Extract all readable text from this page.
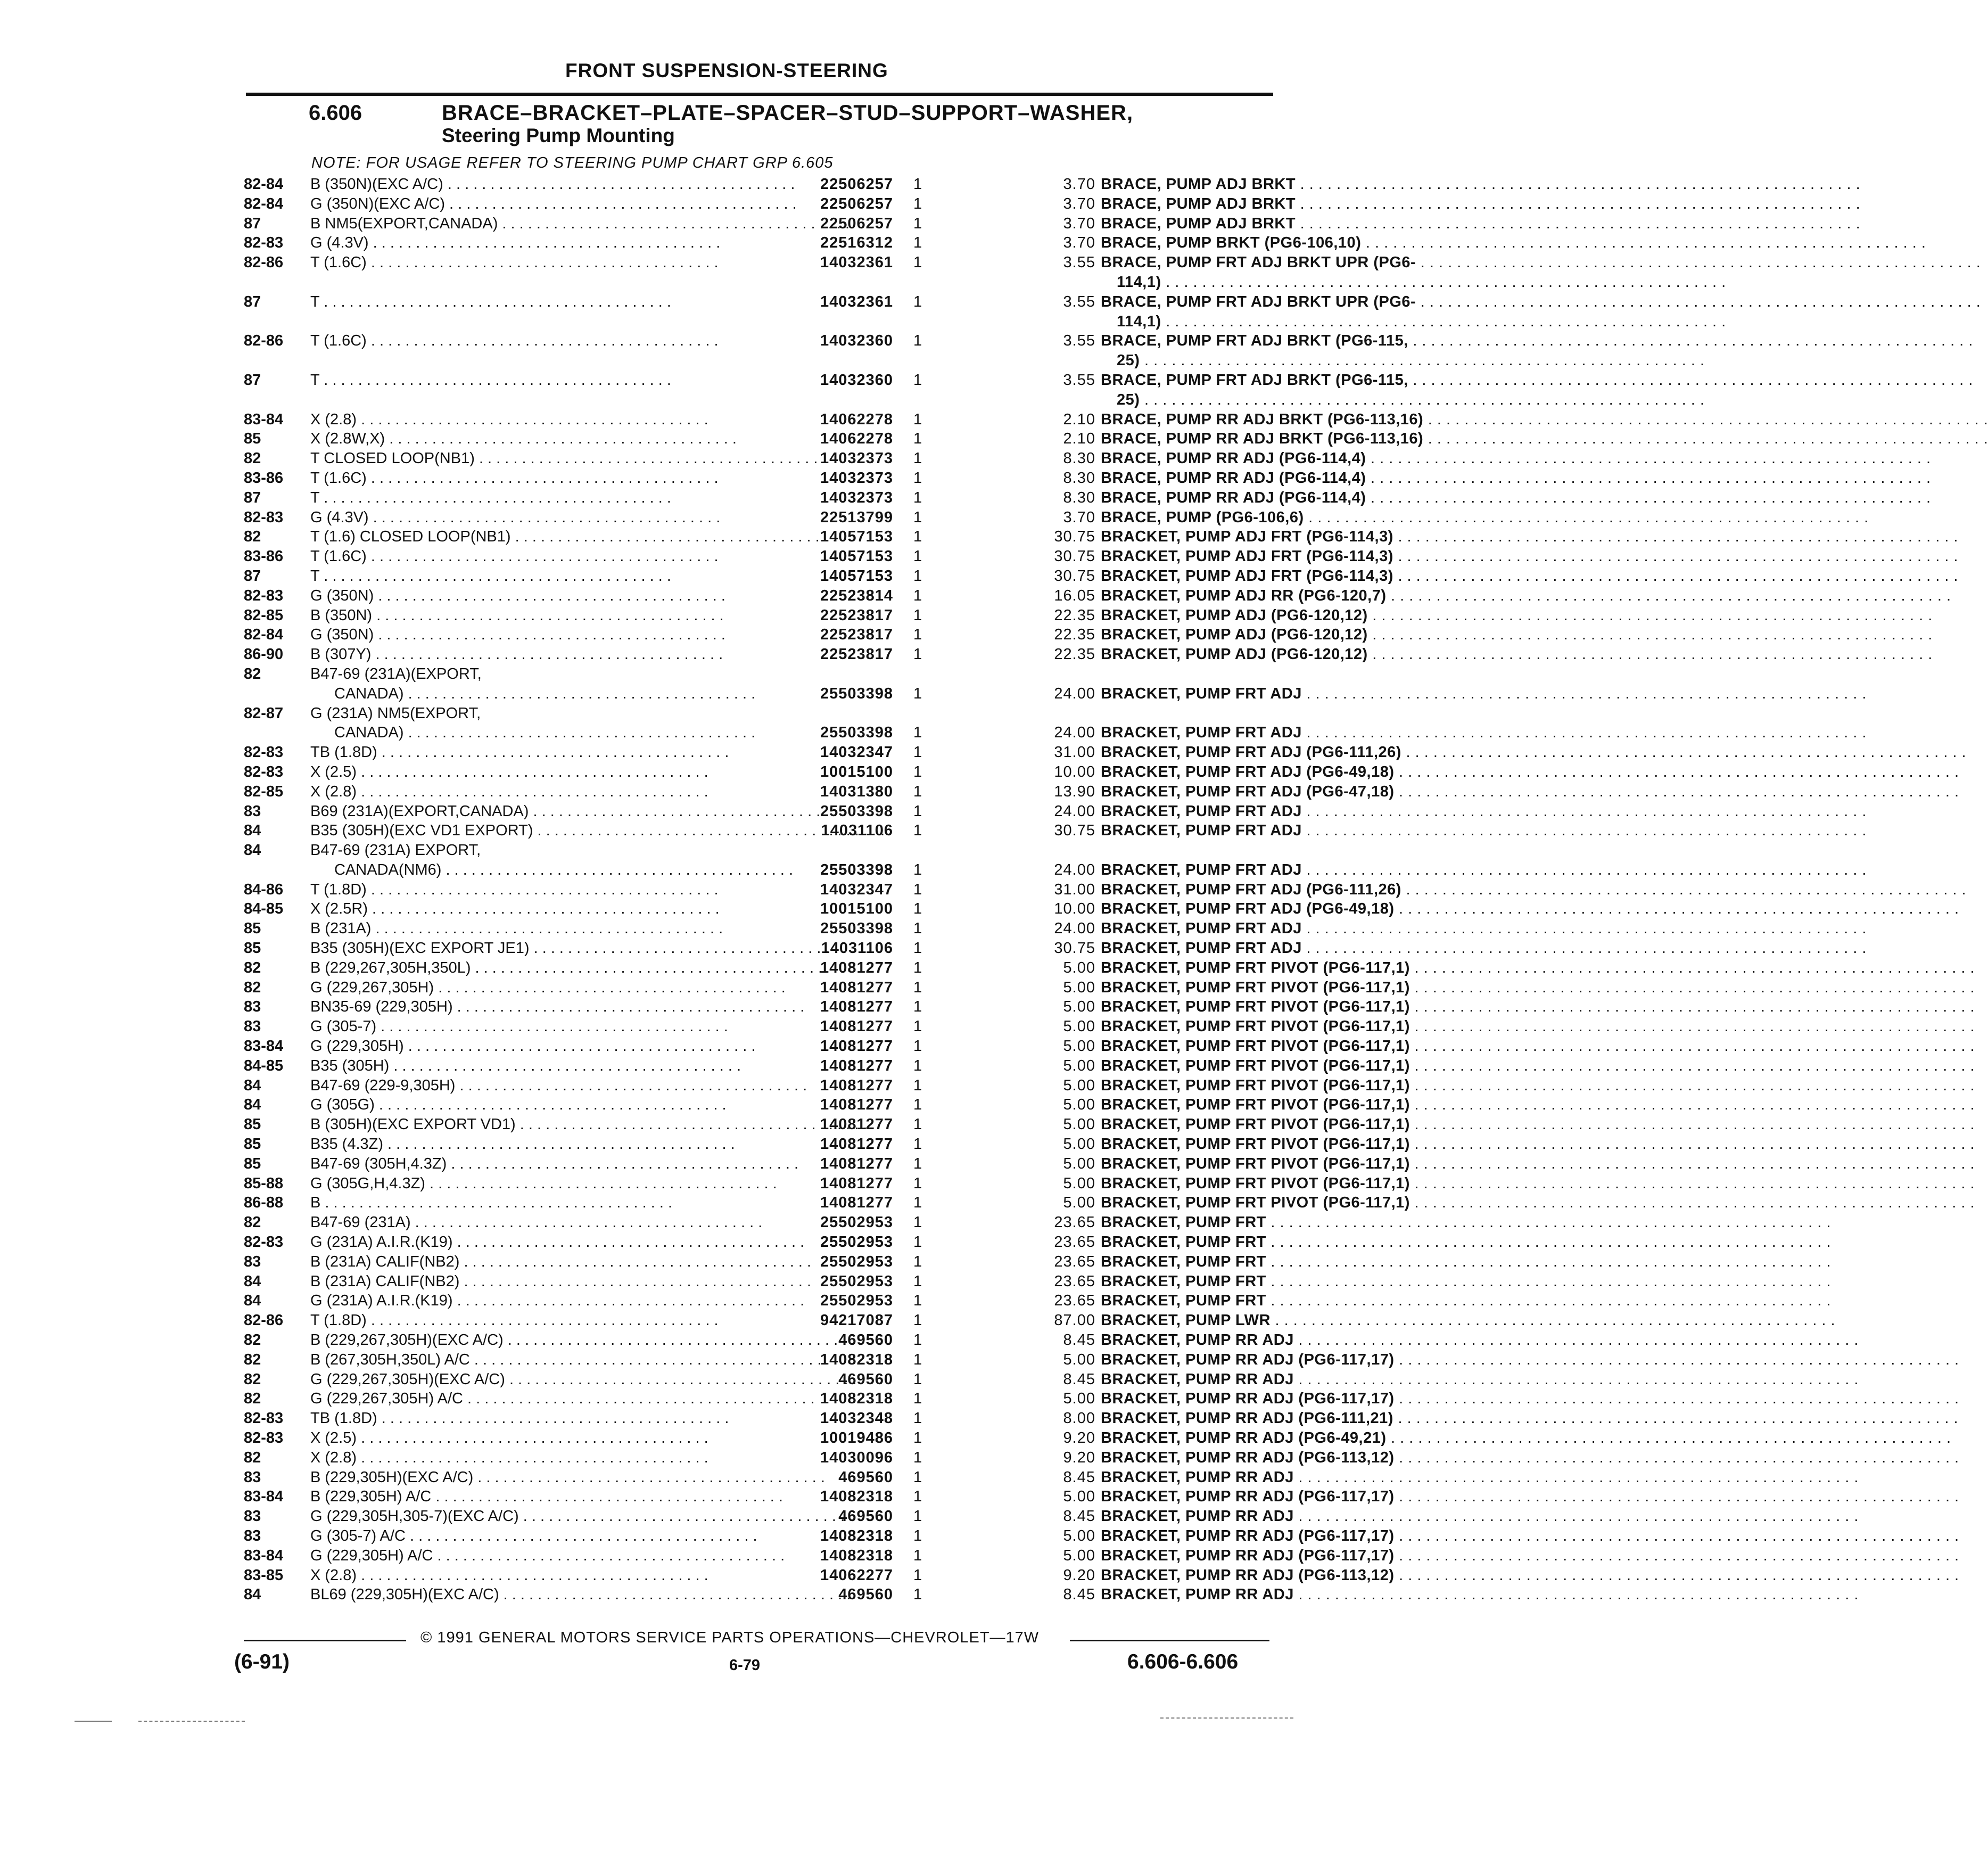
FRONT SUSPENSION-STEERING
6.606	BRACE–BRACKET–PLATE–SPACER–STUD–SUPPORT–WASHER,
Steering Pump Mounting
NOTE: FOR USAGE REFER TO STEERING PUMP CHART GRP 6.605
82-84	B (350N)(EXC A/C) . . .	22506257 1	3.70 BRACE, PUMP ADJ BRKT . . .
82-84	G (350N)(EXC A/C) . . .	22506257 1	3.70 BRACE, PUMP ADJ BRKT . . .
87	B NM5(EXPORT,CANADA) . . .	22506257 1	3.70 BRACE, PUMP ADJ BRKT . . .
82-83	G (4.3V) . . .	22516312 1	3.70 BRACE, PUMP BRKT (PG6-106,10) . . .
82-86	T (1.6C) . . .	14032361 1	3.55 BRACE, PUMP FRT ADJ BRKT UPR (PG6- . . .
114,1) . . .
87	T . . .	14032361 1	3.55 BRACE, PUMP FRT ADJ BRKT UPR (PG6- . . .
114,1) . . .
82-86	T (1.6C) . . .	14032360 1	3.55 BRACE, PUMP FRT ADJ BRKT (PG6-115, . . .
25) . . .
87	T . . .	14032360 1	3.55 BRACE, PUMP FRT ADJ BRKT (PG6-115, . . .
25) . . .
83-84	X (2.8) . . .	14062278 1	2.10 BRACE, PUMP RR ADJ BRKT (PG6-113,16) . . .
85	X (2.8W,X) . . .	14062278 1	2.10 BRACE, PUMP RR ADJ BRKT (PG6-113,16) . . .
82	T CLOSED LOOP(NB1) . . .	14032373 1	8.30 BRACE, PUMP RR ADJ (PG6-114,4) . . .
83-86	T (1.6C) . . .	14032373 1	8.30 BRACE, PUMP RR ADJ (PG6-114,4) . . .
87	T . . .	14032373 1	8.30 BRACE, PUMP RR ADJ (PG6-114,4) . . .
82-83	G (4.3V) . . .	22513799 1	3.70 BRACE, PUMP (PG6-106,6) . . .
82	T (1.6) CLOSED LOOP(NB1) . . .	14057153 1	30.75 BRACKET, PUMP ADJ FRT (PG6-114,3) . . .
83-86	T (1.6C) . . .	14057153 1	30.75 BRACKET, PUMP ADJ FRT (PG6-114,3) . . .
87	T . . .	14057153 1	30.75 BRACKET, PUMP ADJ FRT (PG6-114,3) . . .
82-83	G (350N) . . .	22523814 1	16.05 BRACKET, PUMP ADJ RR (PG6-120,7) . . .
82-85	B (350N) . . .	22523817 1	22.35 BRACKET, PUMP ADJ (PG6-120,12) . . .
82-84	G (350N) . . .	22523817 1	22.35 BRACKET, PUMP ADJ (PG6-120,12) . . .
86-90	B (307Y) . . .	22523817 1	22.35 BRACKET, PUMP ADJ (PG6-120,12) . . .
82	B47-69 (231A)(EXPORT,
CANADA) . . .	25503398 1	24.00 BRACKET, PUMP FRT ADJ . . .
82-87	G (231A) NM5(EXPORT,
CANADA) . . .	25503398 1	24.00 BRACKET, PUMP FRT ADJ . . .
82-83	TB (1.8D) . . .	14032347 1	31.00 BRACKET, PUMP FRT ADJ (PG6-111,26) . . .
82-83	X (2.5) . . .	10015100 1	10.00 BRACKET, PUMP FRT ADJ (PG6-49,18) . . .
82-85	X (2.8) . . .	14031380 1	13.90 BRACKET, PUMP FRT ADJ (PG6-47,18) . . .
83	B69 (231A)(EXPORT,CANADA) . . .	25503398 1	24.00 BRACKET, PUMP FRT ADJ . . .
84	B35 (305H)(EXC VD1 EXPORT) . . .	14031106 1	30.75 BRACKET, PUMP FRT ADJ . . .
84	B47-69 (231A) EXPORT,
CANADA(NM6) . . .	25503398 1	24.00 BRACKET, PUMP FRT ADJ . . .
84-86	T (1.8D) . . .	14032347 1	31.00 BRACKET, PUMP FRT ADJ (PG6-111,26) . . .
84-85	X (2.5R) . . .	10015100 1	10.00 BRACKET, PUMP FRT ADJ (PG6-49,18) . . .
85	B (231A) . . .	25503398 1	24.00 BRACKET, PUMP FRT ADJ . . .
85	B35 (305H)(EXC EXPORT JE1) . . .	14031106 1	30.75 BRACKET, PUMP FRT ADJ . . .
82	B (229,267,305H,350L) . . .	14081277 1	5.00 BRACKET, PUMP FRT PIVOT (PG6-117,1) . . .
82	G (229,267,305H) . . .	14081277 1	5.00 BRACKET, PUMP FRT PIVOT (PG6-117,1) . . .
83	BN35-69 (229,305H) . . .	14081277 1	5.00 BRACKET, PUMP FRT PIVOT (PG6-117,1) . . .
83	G (305-7) . . .	14081277 1	5.00 BRACKET, PUMP FRT PIVOT (PG6-117,1) . . .
83-84	G (229,305H) . . .	14081277 1	5.00 BRACKET, PUMP FRT PIVOT (PG6-117,1) . . .
84-85	B35 (305H) . . .	14081277 1	5.00 BRACKET, PUMP FRT PIVOT (PG6-117,1) . . .
84	B47-69 (229-9,305H) . . .	14081277 1	5.00 BRACKET, PUMP FRT PIVOT (PG6-117,1) . . .
84	G (305G) . . .	14081277 1	5.00 BRACKET, PUMP FRT PIVOT (PG6-117,1) . . .
85	B (305H)(EXC EXPORT VD1) . . .	14081277 1	5.00 BRACKET, PUMP FRT PIVOT (PG6-117,1) . . .
85	B35 (4.3Z) . . .	14081277 1	5.00 BRACKET, PUMP FRT PIVOT (PG6-117,1) . . .
85	B47-69 (305H,4.3Z) . . .	14081277 1	5.00 BRACKET, PUMP FRT PIVOT (PG6-117,1) . . .
85-88	G (305G,H,4.3Z) . . .	14081277 1	5.00 BRACKET, PUMP FRT PIVOT (PG6-117,1) . . .
86-88	B . . .	14081277 1	5.00 BRACKET, PUMP FRT PIVOT (PG6-117,1) . . .
82	B47-69 (231A) . . .	25502953 1	23.65 BRACKET, PUMP FRT . . .
82-83	G (231A) A.I.R.(K19) . . .	25502953 1	23.65 BRACKET, PUMP FRT . . .
83	B (231A) CALIF(NB2) . . .	25502953 1	23.65 BRACKET, PUMP FRT . . .
84	B (231A) CALIF(NB2) . . .	25502953 1	23.65 BRACKET, PUMP FRT . . .
84	G (231A) A.I.R.(K19) . . .	25502953 1	23.65 BRACKET, PUMP FRT . . .
82-86	T (1.8D) . . .	94217087 1	87.00 BRACKET, PUMP LWR . . .
82	B (229,267,305H)(EXC A/C) . . .	469560 1	8.45 BRACKET, PUMP RR ADJ . . .
82	B (267,305H,350L) A/C . . .	14082318 1	5.00 BRACKET, PUMP RR ADJ (PG6-117,17) . . .
82	G (229,267,305H)(EXC A/C) . . .	469560 1	8.45 BRACKET, PUMP RR ADJ . . .
82	G (229,267,305H) A/C . . .	14082318 1	5.00 BRACKET, PUMP RR ADJ (PG6-117,17) . . .
82-83	TB (1.8D) . . .	14032348 1	8.00 BRACKET, PUMP RR ADJ (PG6-111,21) . . .
82-83	X (2.5) . . .	10019486 1	9.20 BRACKET, PUMP RR ADJ (PG6-49,21) . . .
82	X (2.8) . . .	14030096 1	9.20 BRACKET, PUMP RR ADJ (PG6-113,12) . . .
83	B (229,305H)(EXC A/C) . . .	469560 1	8.45 BRACKET, PUMP RR ADJ . . .
83-84	B (229,305H) A/C . . .	14082318 1	5.00 BRACKET, PUMP RR ADJ (PG6-117,17) . . .
83	G (229,305H,305-7)(EXC A/C) . . .	469560 1	8.45 BRACKET, PUMP RR ADJ . . .
83	G (305-7) A/C . . .	14082318 1	5.00 BRACKET, PUMP RR ADJ (PG6-117,17) . . .
83-84	G (229,305H) A/C . . .	14082318 1	5.00 BRACKET, PUMP RR ADJ (PG6-117,17) . . .
83-85	X (2.8) . . .	14062277 1	9.20 BRACKET, PUMP RR ADJ (PG6-113,12) . . .
84	BL69 (229,305H)(EXC A/C) . . .	469560 1	8.45 BRACKET, PUMP RR ADJ . . .
© 1991 GENERAL MOTORS SERVICE PARTS OPERATIONS—CHEVROLET—17W
(6-91)	6-79	6.606-6.606
